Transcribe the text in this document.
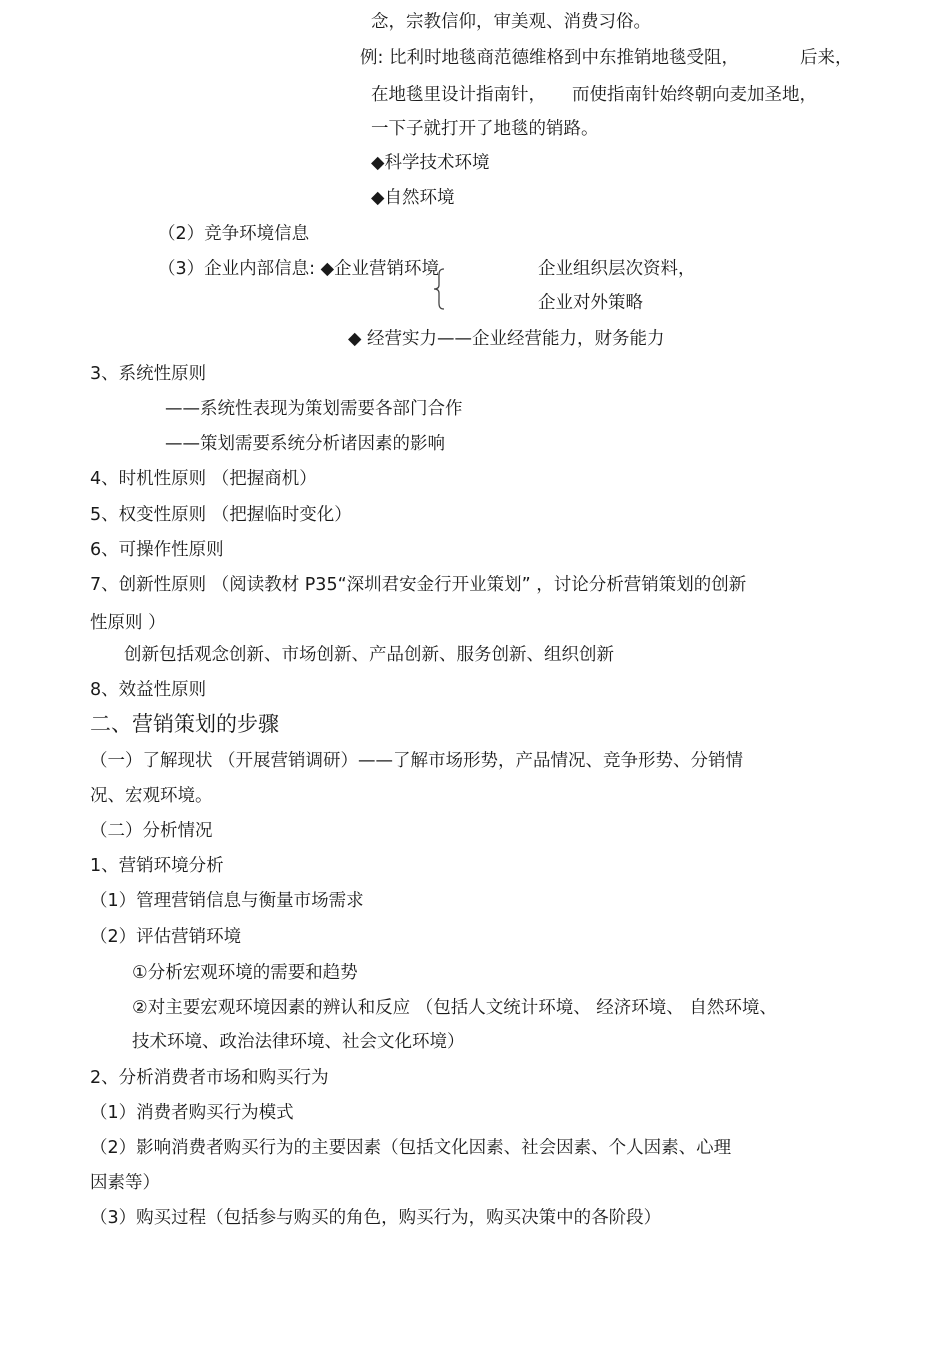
念，宗教信仰，审美观、消费习俗。
例: 比利时地毯商范德维格到中东推销地毯受阻，	后来，
在地毯里设计指南针， 而使指南针始终朝向麦加圣地，
一下子就打开了地毯的销路。
◆科学技术环境
◆自然环境
（2）竞争环境信息
（3）企业内部信息: ◆企业营销环境	企业组织层次资料，
企业对外策略
◆ 经营实力——企业经营能力，财务能力
3、系统性原则
——系统性表现为策划需要各部门合作
——策划需要系统分析诸因素的影响
4、时机性原则 （把握商机）
5、权变性原则 （把握临时变化）
6、可操作性原则
7、创新性原则 （阅读教材 P35“深圳君安金行开业策划” ，讨论分析营销策划的创新
性原则 ）
创新包括观念创新、市场创新、产品创新、服务创新、组织创新
8、效益性原则
二、营销策划的步骤
（一）了解现状 （开展营销调研）——了解市场形势，产品情况、竞争形势、分销情
况、宏观环境。
（二）分析情况
1、营销环境分析
（1）管理营销信息与衡量市场需求
（2）评估营销环境
①分析宏观环境的需要和趋势
②对主要宏观环境因素的辨认和反应 （包括人文统计环境、 经济环境、 自然环境、
技术环境、政治法律环境、社会文化环境）
2、分析消费者市场和购买行为
（1）消费者购买行为模式
（2）影响消费者购买行为的主要因素（包括文化因素、社会因素、个人因素、心理
因素等）
（3）购买过程（包括参与购买的角色，购买行为，购买决策中的各阶段）
